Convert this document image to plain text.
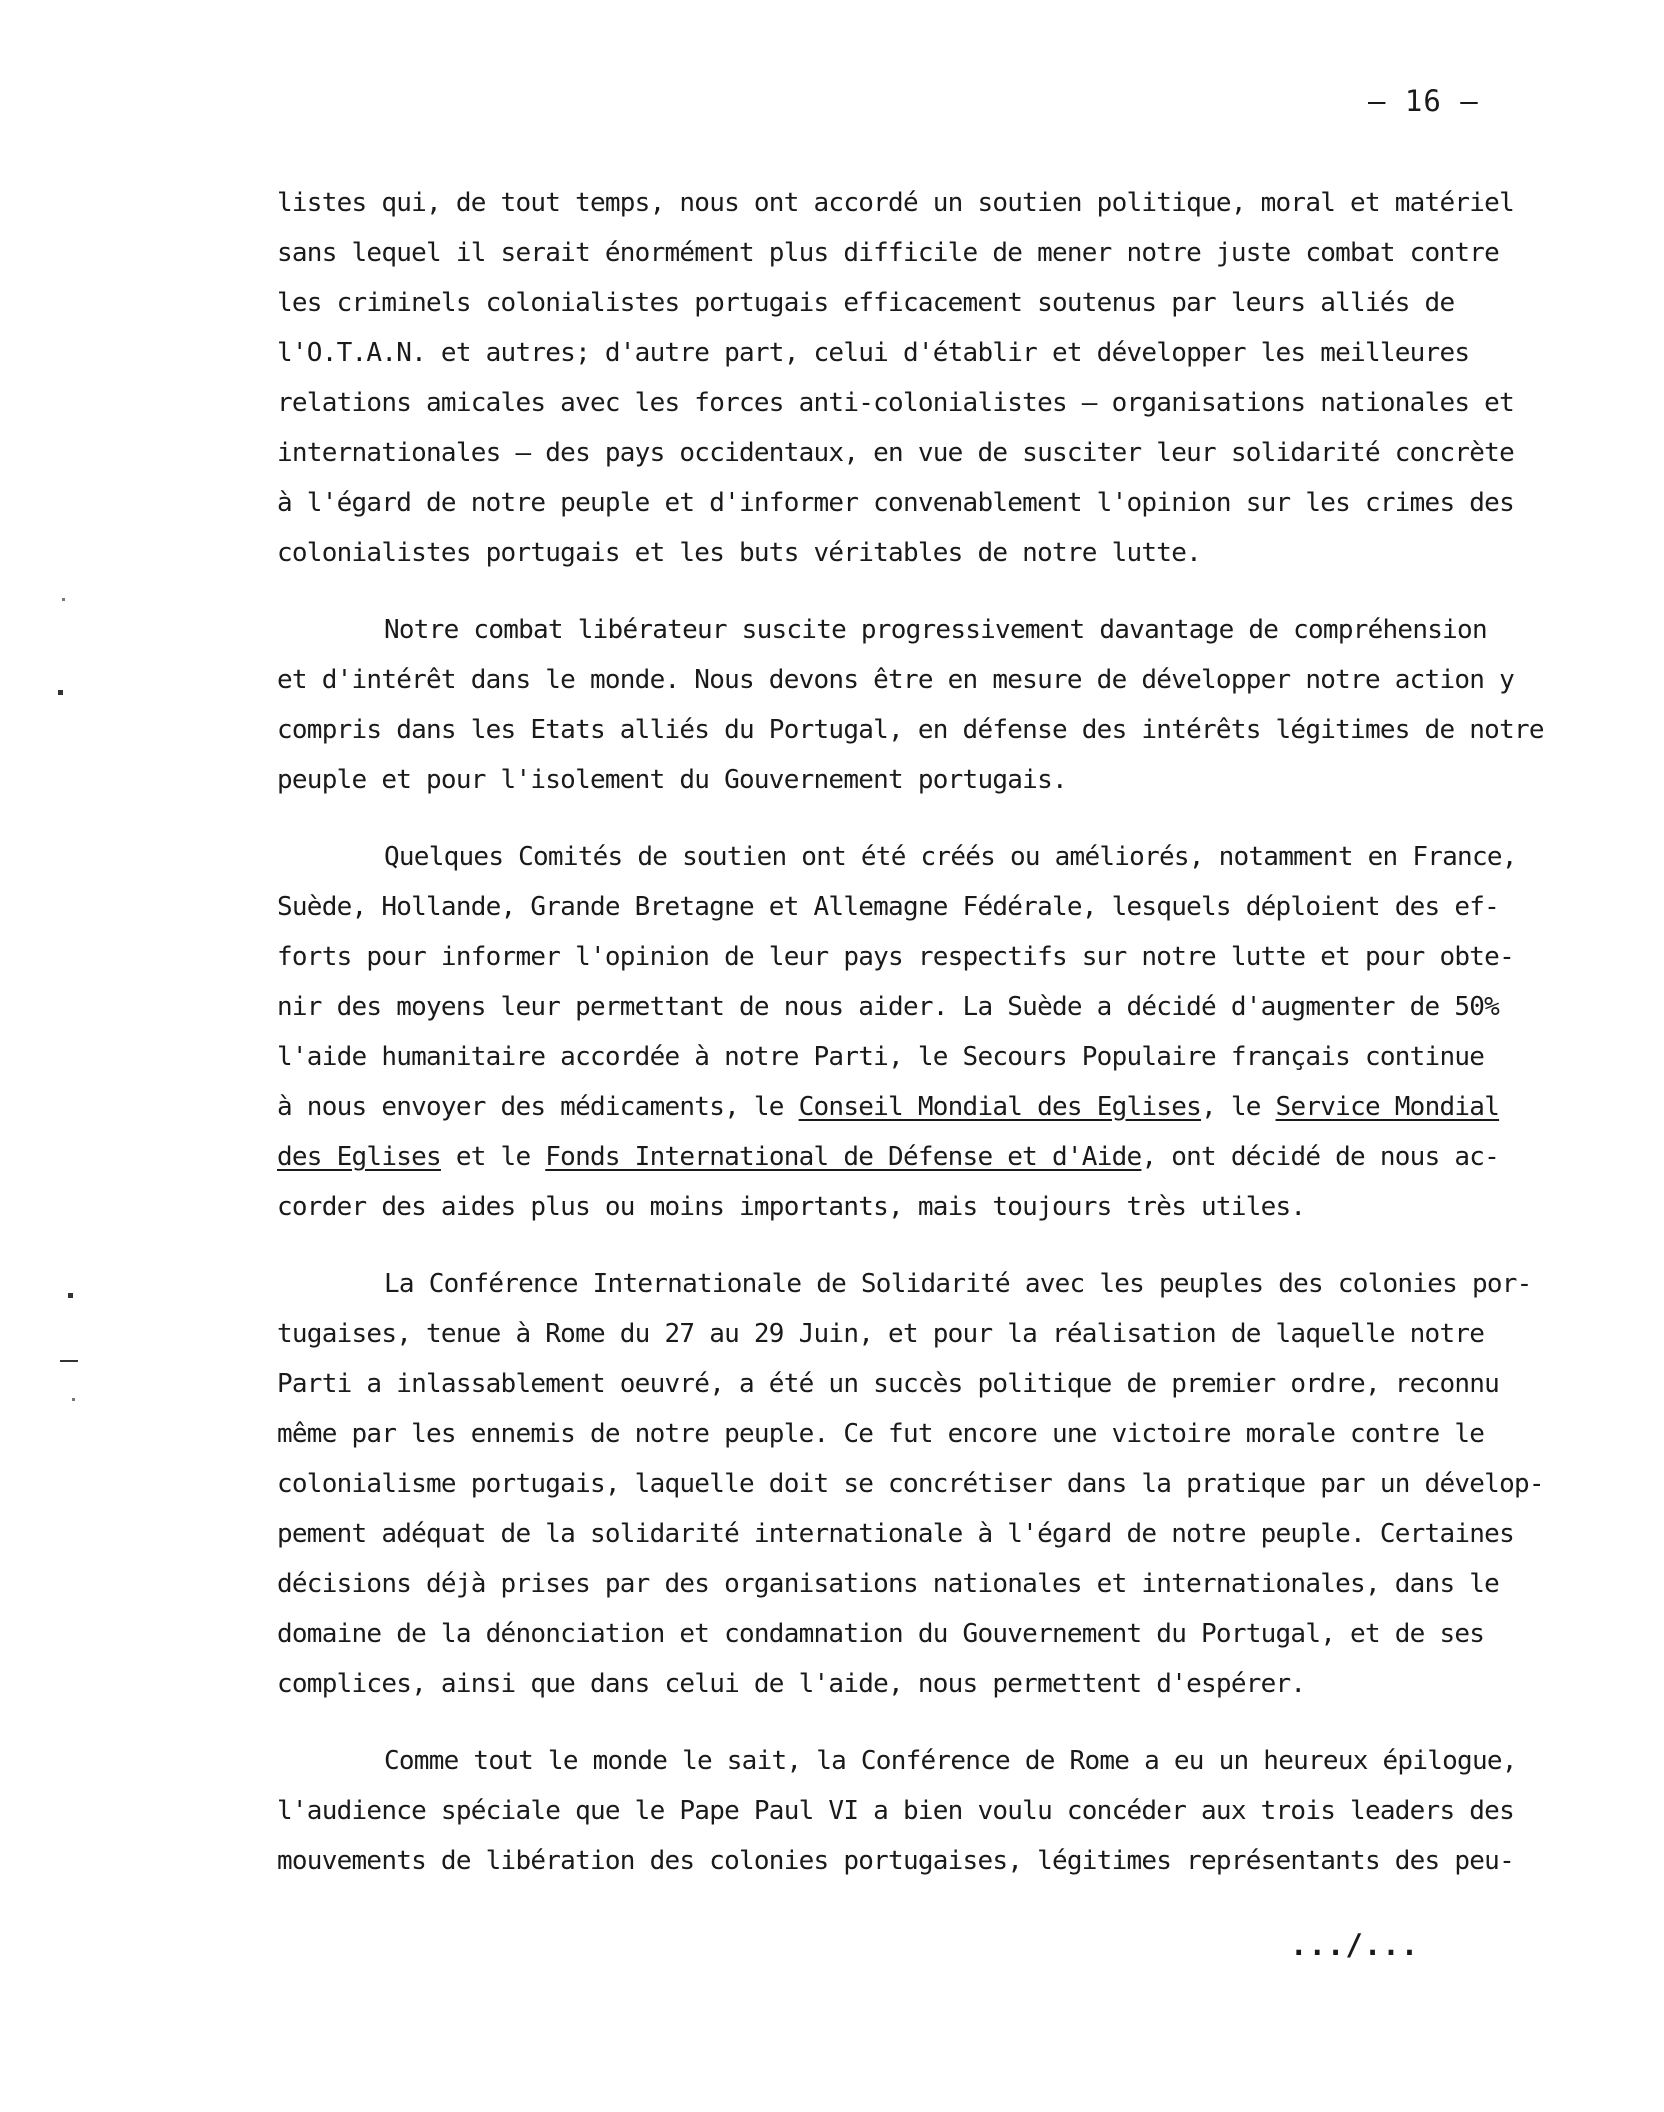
– 16 –
listes qui, de tout temps, nous ont accordé un soutien politique, moral et matériel
sans lequel il serait énormément plus difficile de mener notre juste combat contre
les criminels colonialistes portugais efficacement soutenus par leurs alliés de
l'O.T.A.N. et autres; d'autre part, celui d'établir et développer les meilleures
relations amicales avec les forces anti-colonialistes – organisations nationales et
internationales – des pays occidentaux, en vue de susciter leur solidarité concrète
à l'égard de notre peuple et d'informer convenablement l'opinion sur les crimes des
colonialistes portugais et les buts véritables de notre lutte.
Notre combat libérateur suscite progressivement davantage de compréhension
et d'intérêt dans le monde. Nous devons être en mesure de développer notre action y
compris dans les Etats alliés du Portugal, en défense des intérêts légitimes de notre
peuple et pour l'isolement du Gouvernement portugais.
Quelques Comités de soutien ont été créés ou améliorés, notamment en France,
Suède, Hollande, Grande Bretagne et Allemagne Fédérale, lesquels déploient des ef-
forts pour informer l'opinion de leur pays respectifs sur notre lutte et pour obte-
nir des moyens leur permettant de nous aider. La Suède a décidé d'augmenter de 50%
l'aide humanitaire accordée à notre Parti, le Secours Populaire français continue
à nous envoyer des médicaments, le Conseil Mondial des Eglises, le Service Mondial
des Eglises et le Fonds International de Défense et d'Aide, ont décidé de nous ac-
corder des aides plus ou moins importants, mais toujours très utiles.
La Conférence Internationale de Solidarité avec les peuples des colonies por-
tugaises, tenue à Rome du 27 au 29 Juin, et pour la réalisation de laquelle notre
Parti a inlassablement oeuvré, a été un succès politique de premier ordre, reconnu
même par les ennemis de notre peuple. Ce fut encore une victoire morale contre le
colonialisme portugais, laquelle doit se concrétiser dans la pratique par un dévelop-
pement adéquat de la solidarité internationale à l'égard de notre peuple. Certaines
décisions déjà prises par des organisations nationales et internationales, dans le
domaine de la dénonciation et condamnation du Gouvernement du Portugal, et de ses
complices, ainsi que dans celui de l'aide, nous permettent d'espérer.
Comme tout le monde le sait, la Conférence de Rome a eu un heureux épilogue,
l'audience spéciale que le Pape Paul VI a bien voulu concéder aux trois leaders des
mouvements de libération des colonies portugaises, légitimes représentants des peu-
.../...
